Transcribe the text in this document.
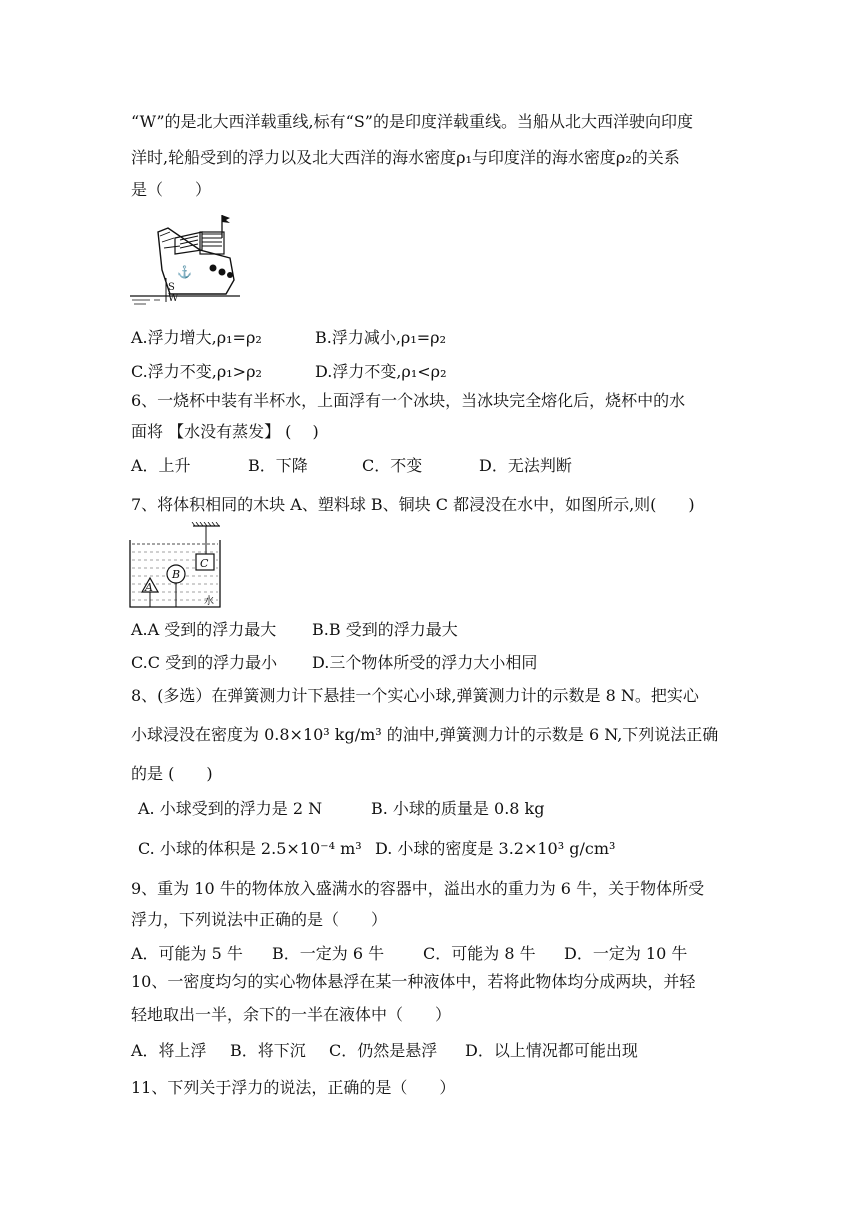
“W”的是北大西洋载重线,标有“S”的是印度洋载重线。当船从北大西洋驶向印度
洋时,轮船受到的浮力以及北大西洋的海水密度ρ₁与印度洋的海水密度ρ₂的关系
是（　　）
⚓
S
W
A.浮力增大,ρ₁=ρ₂	B.浮力减小,ρ₁=ρ₂
C.浮力不变,ρ₁>ρ₂	D.浮力不变,ρ₁<ρ₂
6、一烧杯中装有半杯水，上面浮有一个冰块，当冰块完全熔化后，烧杯中的水
面将 【水没有蒸发】 (　 )
A．上升	B．下降	C．不变	D．无法判断
7、将体积相同的木块 A、塑料球 B、铜块 C 都浸没在水中，如图所示,则(　　)
C
B
A
水
A.A 受到的浮力最大 B.B 受到的浮力最大
C.C 受到的浮力最小 D.三个物体所受的浮力大小相同
8、(多选）在弹簧测力计下悬挂一个实心小球,弹簧测力计的示数是 8 N。把实心
小球浸没在密度为 0.8×10³ kg/m³ 的油中,弹簧测力计的示数是 6 N,下列说法正确
的是 (　　)
A. 小球受到的浮力是 2 N	B. 小球的质量是 0.8 kg
C. 小球的体积是 2.5×10⁻⁴ m³ D. 小球的密度是 3.2×10³ g/cm³
9、重为 10 牛的物体放入盛满水的容器中，溢出水的重力为 6 牛，关于物体所受
浮力，下列说法中正确的是（　　）
A．可能为 5 牛 B．一定为 6 牛 C．可能为 8 牛 D．一定为 10 牛
10、一密度均匀的实心物体悬浮在某一种液体中，若将此物体均分成两块，并轻
轻地取出一半，余下的一半在液体中（　　）
A．将上浮 B．将下沉 C．仍然是悬浮 D．以上情况都可能出现
11、下列关于浮力的说法，正确的是（　　）
